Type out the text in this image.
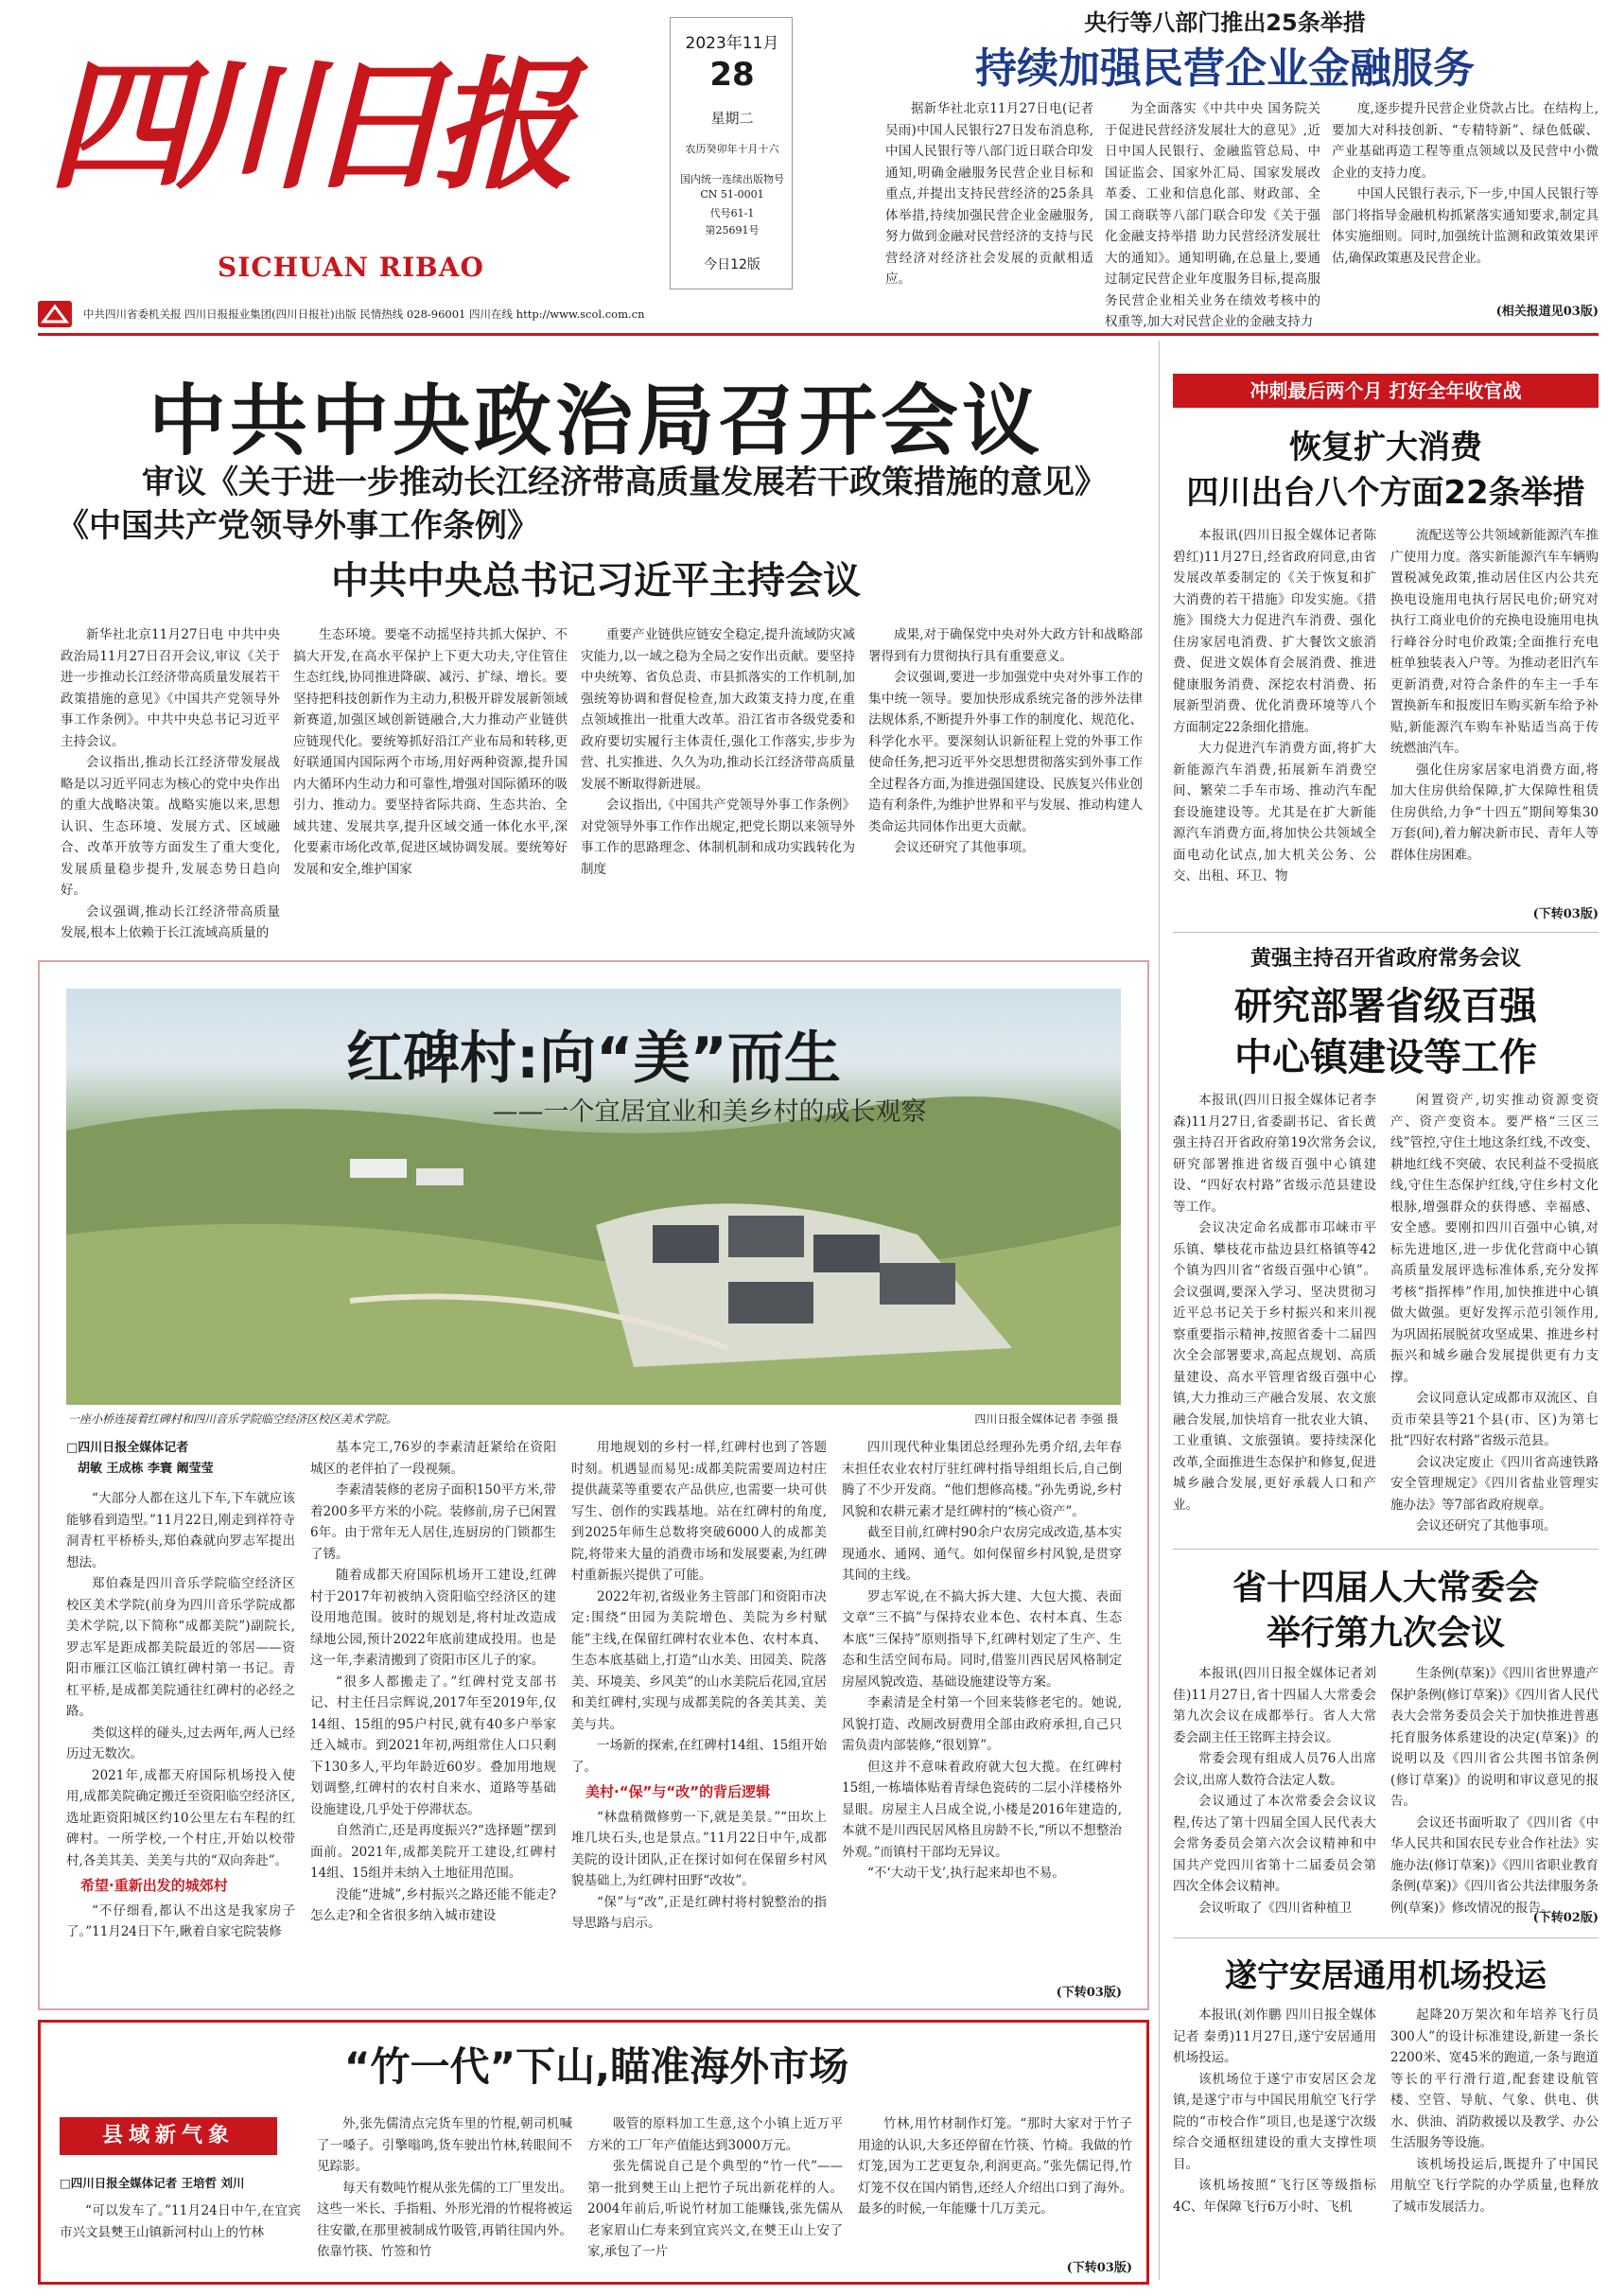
四川日报
SICHUAN RIBAO
2023年11月
28
星期二
农历癸卯年十月十六
国内统一连续出版物号
CN 51-0001
代号61-1
第25691号
今日12版
中共四川省委机关报 四川日报报业集团(四川日报社)出版 民情热线 028-96001 四川在线 http://www.scol.com.cn
央行等八部门推出25条举措
持续加强民营企业金融服务

据新华社北京11月27日电(记者吴雨)中国人民银行27日发布消息称,中国人民银行等八部门近日联合印发通知,明确金融服务民营企业目标和重点,并提出支持民营经济的25条具体举措,持续加强民营企业金融服务,努力做到金融对民营经济的支持与民营经济对经济社会发展的贡献相适应。

为全面落实《中共中央 国务院关于促进民营经济发展壮大的意见》,近日中国人民银行、金融监管总局、中国证监会、国家外汇局、国家发展改革委、工业和信息化部、财政部、全国工商联等八部门联合印发《关于强化金融支持举措 助力民营经济发展壮大的通知》。通知明确,在总量上,要通过制定民营企业年度服务目标,提高服务民营企业相关业务在绩效考核中的权重等,加大对民营企业的金融支持力

度,逐步提升民营企业贷款占比。在结构上,要加大对科技创新、“专精特新”、绿色低碳、产业基础再造工程等重点领域以及民营中小微企业的支持力度。

中国人民银行表示,下一步,中国人民银行等部门将指导金融机构抓紧落实通知要求,制定具体实施细则。同时,加强统计监测和政策效果评估,确保政策惠及民营企业。

(相关报道见03版)
中共中央政治局召开会议
审议《关于进一步推动长江经济带高质量发展若干政策措施的意见》
《中国共产党领导外事工作条例》
中共中央总书记习近平主持会议

新华社北京11月27日电 中共中央政治局11月27日召开会议,审议《关于进一步推动长江经济带高质量发展若干政策措施的意见》《中国共产党领导外事工作条例》。中共中央总书记习近平主持会议。

会议指出,推动长江经济带发展战略是以习近平同志为核心的党中央作出的重大战略决策。战略实施以来,思想认识、生态环境、发展方式、区域融合、改革开放等方面发生了重大变化,发展质量稳步提升,发展态势日趋向好。

会议强调,推动长江经济带高质量发展,根本上依赖于长江流域高质量的

生态环境。要毫不动摇坚持共抓大保护、不搞大开发,在高水平保护上下更大功夫,守住管住生态红线,协同推进降碳、减污、扩绿、增长。要坚持把科技创新作为主动力,积极开辟发展新领域新赛道,加强区域创新链融合,大力推动产业链供应链现代化。要统筹抓好沿江产业布局和转移,更好联通国内国际两个市场,用好两种资源,提升国内大循环内生动力和可靠性,增强对国际循环的吸引力、推动力。要坚持省际共商、生态共治、全域共建、发展共享,提升区域交通一体化水平,深化要素市场化改革,促进区域协调发展。要统筹好发展和安全,维护国家

重要产业链供应链安全稳定,提升流域防灾减灾能力,以一域之稳为全局之安作出贡献。要坚持中央统筹、省负总责、市县抓落实的工作机制,加强统筹协调和督促检查,加大政策支持力度,在重点领域推出一批重大改革。沿江省市各级党委和政府要切实履行主体责任,强化工作落实,步步为营、扎实推进、久久为功,推动长江经济带高质量发展不断取得新进展。

会议指出,《中国共产党领导外事工作条例》对党领导外事工作作出规定,把党长期以来领导外事工作的思路理念、体制机制和成功实践转化为制度

成果,对于确保党中央对外大政方针和战略部署得到有力贯彻执行具有重要意义。

会议强调,要进一步加强党中央对外事工作的集中统一领导。要加快形成系统完备的涉外法律法规体系,不断提升外事工作的制度化、规范化、科学化水平。要深刻认识新征程上党的外事工作使命任务,把习近平外交思想贯彻落实到外事工作全过程各方面,为推进强国建设、民族复兴伟业创造有利条件,为维护世界和平与发展、推动构建人类命运共同体作出更大贡献。

会议还研究了其他事项。

红碑村:向“美”而生
——一个宜居宜业和美乡村的成长观察
一座小桥连接着红碑村和四川音乐学院临空经济区校区美术学院。	四川日报全媒体记者 李强 摄
□四川日报全媒体记者
胡敏 王成栋 李寰 阚莹莹

“大部分人都在这儿下车,下车就应该能够看到造型。”11月22日,刚走到祥符寺洞青杠平桥桥头,郑伯森就向罗志军提出想法。

郑伯森是四川音乐学院临空经济区校区美术学院(前身为四川音乐学院成都美术学院,以下简称“成都美院”)副院长,罗志军是距成都美院最近的邻居——资阳市雁江区临江镇红碑村第一书记。青杠平桥,是成都美院通往红碑村的必经之路。

类似这样的碰头,过去两年,两人已经历过无数次。

2021年,成都天府国际机场投入使用,成都美院确定搬迁至资阳临空经济区,选址距资阳城区约10公里左右车程的红碑村。一所学校,一个村庄,开始以校带村,各美其美、美美与共的“双向奔赴”。

希望·重新出发的城郊村

“不仔细看,都认不出这是我家房子了。”11月24日下午,瞅着自家宅院装修

基本完工,76岁的李素清赶紧给在资阳城区的老伴拍了一段视频。

李素清装修的老房子面积150平方米,带着200多平方米的小院。装修前,房子已闲置6年。由于常年无人居住,连厨房的门锁都生了锈。

随着成都天府国际机场开工建设,红碑村于2017年初被纳入资阳临空经济区的建设用地范围。彼时的规划是,将村址改造成绿地公园,预计2022年底前建成投用。也是这一年,李素清搬到了资阳市区儿子的家。

“很多人都搬走了。”红碑村党支部书记、村主任吕宗辉说,2017年至2019年,仅14组、15组的95户村民,就有40多户举家迁入城市。到2021年初,两组常住人口只剩下130多人,平均年龄近60岁。叠加用地规划调整,红碑村的农村自来水、道路等基础设施建设,几乎处于停滞状态。

自然消亡,还是再度振兴?“选择题”摆到面前。2021年,成都美院开工建设,红碑村14组、15组并未纳入土地征用范围。

没能“进城”,乡村振兴之路还能不能走?怎么走?和全省很多纳入城市建设

用地规划的乡村一样,红碑村也到了答题时刻。机遇显而易见:成都美院需要周边村庄提供蔬菜等重要农产品供应,也需要一块可供写生、创作的实践基地。站在红碑村的角度,到2025年师生总数将突破6000人的成都美院,将带来大量的消费市场和发展要素,为红碑村重新振兴提供了可能。

2022年初,省级业务主管部门和资阳市决定:围绕“田园为美院增色、美院为乡村赋能”主线,在保留红碑村农业本色、农村本真、生态本底基础上,打造“山水美、田园美、院落美、环境美、乡风美”的山水美院后花园,宜居和美红碑村,实现与成都美院的各美其美、美美与共。

一场新的探索,在红碑村14组、15组开始了。

美村·“保”与“改”的背后逻辑

“林盘稍微修剪一下,就是美景。”“田坎上堆几块石头,也是景点。”11月22日中午,成都美院的设计团队,正在探讨如何在保留乡村风貌基础上,为红碑村田野“改妆”。

“保”与“改”,正是红碑村将村貌整治的指导思路与启示。

四川现代种业集团总经理孙先勇介绍,去年春末担任农业农村厅驻红碑村指导组组长后,自己倒腾了不少开发商。“他们想修高楼。”孙先勇说,乡村风貌和农耕元素才是红碑村的“核心资产”。

截至目前,红碑村90余户农房完成改造,基本实现通水、通网、通气。如何保留乡村风貌,是贯穿其间的主线。

罗志军说,在不搞大拆大建、大包大揽、表面文章“三不搞”与保持农业本色、农村本真、生态本底“三保持”原则指导下,红碑村划定了生产、生态和生活空间布局。同时,借鉴川西民居风格制定房屋风貌改造、基础设施建设等方案。

李素清是全村第一个回来装修老宅的。她说,风貌打造、改厕改厨费用全部由政府承担,自己只需负责内部装修,“很划算”。

但这并不意味着政府就大包大揽。在红碑村15组,一栋墙体贴着青绿色瓷砖的二层小洋楼格外显眼。房屋主人吕成全说,小楼是2016年建造的,本就不是川西民居风格且房龄不长,“所以不想整治外观。”而镇村干部均无异议。

“不‘大动干戈’,执行起来却也不易。

(下转03版)
“竹一代”下山,瞄准海外市场
县域新气象
□四川日报全媒体记者 王培哲 刘川

“可以发车了。”11月24日中午,在宜宾市兴文县僰王山镇新河村山上的竹林

外,张先儒清点完货车里的竹棍,朝司机喊了一嗓子。引擎嗡鸣,货车驶出竹林,转眼间不见踪影。

每天有数吨竹棍从张先儒的工厂里发出。这些一米长、手指粗、外形光滑的竹棍将被运往安徽,在那里被制成竹吸管,再销往国内外。依靠竹筷、竹签和竹

吸管的原料加工生意,这个小镇上近万平方米的工厂年产值能达到3000万元。

张先儒说自己是个典型的“竹一代”——第一批到僰王山上把竹子玩出新花样的人。2004年前后,听说竹材加工能赚钱,张先儒从老家眉山仁寿来到宜宾兴文,在僰王山上安了家,承包了一片

竹林,用竹材制作灯笼。“那时大家对于竹子用途的认识,大多还停留在竹筷、竹椅。我做的竹灯笼,因为工艺更复杂,利润更高。”张先儒记得,竹灯笼不仅在国内销售,还经人介绍出口到了海外。最多的时候,一年能赚十几万美元。

(下转03版)
冲刺最后两个月 打好全年收官战
恢复扩大消费
四川出台八个方面22条举措

本报讯(四川日报全媒体记者陈碧红)11月27日,经省政府同意,由省发展改革委制定的《关于恢复和扩大消费的若干措施》印发实施。《措施》围绕大力促进汽车消费、强化住房家居电消费、扩大餐饮文旅消费、促进文娱体育会展消费、推进健康服务消费、深挖农村消费、拓展新型消费、优化消费环境等八个方面制定22条细化措施。

大力促进汽车消费方面,将扩大新能源汽车消费,拓展新车消费空间、繁荣二手车市场、推动汽车配套设施建设等。尤其是在扩大新能源汽车消费方面,将加快公共领域全面电动化试点,加大机关公务、公交、出租、环卫、物

流配送等公共领域新能源汽车推广使用力度。落实新能源汽车车辆购置税减免政策,推动居住区内公共充换电设施用电执行居民电价;研究对执行工商业电价的充换电设施用电执行峰谷分时电价政策;全面推行充电桩单独装表入户等。为推动老旧汽车更新消费,对符合条件的车主一手车置换新车和报废旧车购买新车给予补贴,新能源汽车购车补贴适当高于传统燃油汽车。

强化住房家居家电消费方面,将加大住房供给保障,扩大保障性租赁住房供给,力争“十四五”期间筹集30万套(间),着力解决新市民、青年人等群体住房困难。

(下转03版)
黄强主持召开省政府常务会议
研究部署省级百强
中心镇建设等工作

本报讯(四川日报全媒体记者李森)11月27日,省委副书记、省长黄强主持召开省政府第19次常务会议,研究部署推进省级百强中心镇建设、“四好农村路”省级示范县建设等工作。

会议决定命名成都市邛崃市平乐镇、攀枝花市盐边县红格镇等42个镇为四川省“省级百强中心镇”。会议强调,要深入学习、坚决贯彻习近平总书记关于乡村振兴和来川视察重要指示精神,按照省委十二届四次全会部署要求,高起点规划、高质量建设、高水平管理省级百强中心镇,大力推动三产融合发展、农文旅融合发展,加快培育一批农业大镇、工业重镇、文旅强镇。要持续深化改革,全面推进生态保护和修复,促进城乡融合发展,更好承载人口和产业。

闲置资产,切实推动资源变资产、资产变资本。要严格“三区三线”管控,守住土地这条红线,不改变、耕地红线不突破、农民利益不受损底线,守住生态保护红线,守住乡村文化根脉,增强群众的获得感、幸福感、安全感。要刚扣四川百强中心镇,对标先进地区,进一步优化营商中心镇高质量发展评选标准体系,充分发挥考核“指挥棒”作用,加快推进中心镇做大做强。更好发挥示范引领作用,为巩固拓展脱贫攻坚成果、推进乡村振兴和城乡融合发展提供更有力支撑。

会议同意认定成都市双流区、自贡市荣县等21个县(市、区)为第七批“四好农村路”省级示范县。

会议决定废止《四川省高速铁路安全管理规定》《四川省盐业管理实施办法》等7部省政府规章。

会议还研究了其他事项。

省十四届人大常委会
举行第九次会议

本报讯(四川日报全媒体记者刘佳)11月27日,省十四届人大常委会第九次会议在成都举行。省人大常委会副主任王铭晖主持会议。

常委会现有组成人员76人出席会议,出席人数符合法定人数。

会议通过了本次常委会会议议程,传达了第十四届全国人民代表大会常务委员会第六次会议精神和中国共产党四川省第十二届委员会第四次全体会议精神。

会议听取了《四川省种植卫

生条例(草案)》《四川省世界遗产保护条例(修订草案)》《四川省人民代表大会常务委员会关于加快推进普惠托育服务体系建设的决定(草案)》的说明以及《四川省公共图书馆条例(修订草案)》的说明和审议意见的报告。

会议还书面听取了《四川省《中华人民共和国农民专业合作社法》实施办法(修订草案)》《四川省职业教育条例(草案)》《四川省公共法律服务条例(草案)》修改情况的报告。

(下转02版)
遂宁安居通用机场投运

本报讯(刘作鹏 四川日报全媒体记者 秦勇)11月27日,遂宁安居通用机场投运。

该机场位于遂宁市安居区会龙镇,是遂宁市与中国民用航空飞行学院的“市校合作”项目,也是遂宁次级综合交通枢纽建设的重大支撑性项目。

该机场按照“飞行区等级指标4C、年保障飞行6万小时、飞机

起降20万架次和年培养飞行员300人”的设计标准建设,新建一条长2200米、宽45米的跑道,一条与跑道等长的平行滑行道,配套建设航管楼、空管、导航、气象、供电、供水、供油、消防救援以及教学、办公生活服务等设施。

该机场投运后,既提升了中国民用航空飞行学院的办学质量,也释放了城市发展活力。
